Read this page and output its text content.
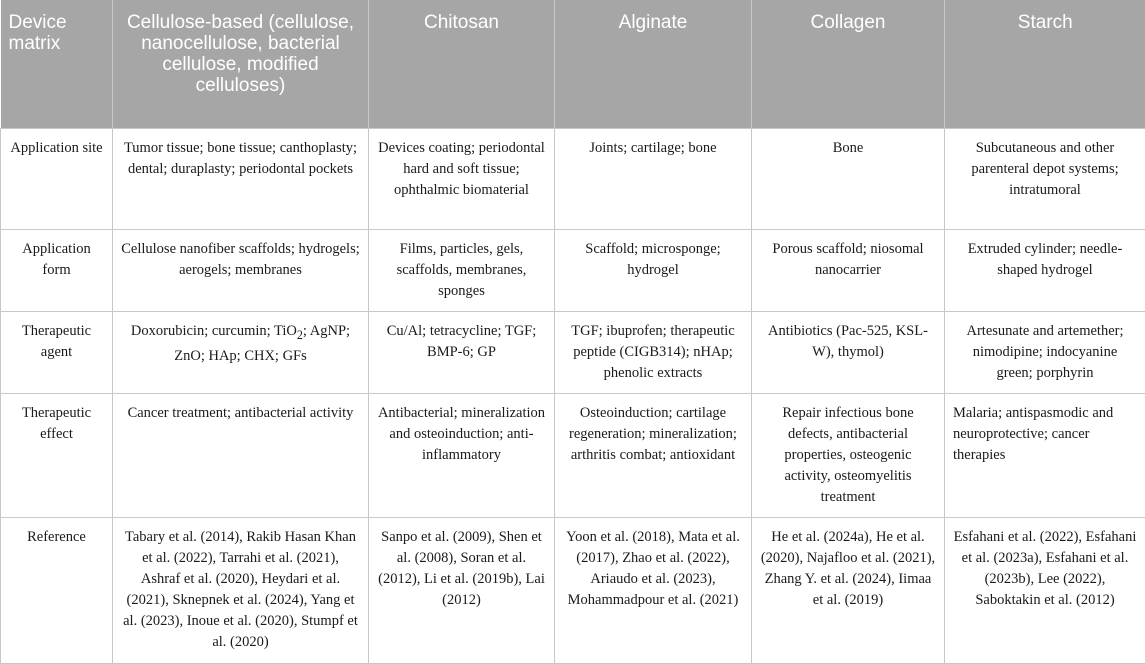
Device matrix	Cellulose-based (cellulose, nanocellulose, bacterial cellulose, modified celluloses)	Chitosan	Alginate	Collagen	Starch
Application site	Tumor tissue; bone tissue; canthoplasty; dental; duraplasty; periodontal pockets	Devices coating; periodontal hard and soft tissue; ophthalmic biomaterial	Joints; cartilage; bone	Bone	Subcutaneous and other parenteral depot systems; intratumoral
Application form	Cellulose nanofiber scaffolds; hydrogels; aerogels; membranes	Films, particles, gels, scaffolds, membranes, sponges	Scaffold; microsponge; hydrogel	Porous scaffold; niosomal nanocarrier	Extruded cylinder; needle-shaped hydrogel
Therapeutic agent	Doxorubicin; curcumin; TiO$_2$; AgNP; ZnO; HAp; CHX; GFs	Cu/Al; tetracycline; TGF; BMP-6; GP	TGF; ibuprofen; therapeutic peptide (CIGB314); nHAp; phenolic extracts	Antibiotics (Pac-525, KSL-W), thymol)	Artesunate and artemether; nimodipine; indocyanine green; porphyrin
Therapeutic effect	Cancer treatment; antibacterial activity	Antibacterial; mineralization and osteoinduction; anti-inflammatory	Osteoinduction; cartilage regeneration; mineralization; arthritis combat; antioxidant	Repair infectious bone defects, antibacterial properties, osteogenic activity, osteomyelitis treatment	Malaria; antispasmodic and neuroprotective; cancer therapies
Reference	Tabary et al. (2014), Rakib Hasan Khan et al. (2022), Tarrahi et al. (2021), Ashraf et al. (2020), Heydari et al. (2021), Sknepnek et al. (2024), Yang et al. (2023), Inoue et al. (2020), Stumpf et al. (2020)	Sanpo et al. (2009), Shen et al. (2008), Soran et al. (2012), Li et al. (2019b), Lai (2012)	Yoon et al. (2018), Mata et al. (2017), Zhao et al. (2022), Ariaudo et al. (2023), Mohammadpour et al. (2021)	He et al. (2024a), He et al. (2020), Najafloo et al. (2021), Zhang Y. et al. (2024), Iimaa et al. (2019)	Esfahani et al. (2022), Esfahani et al. (2023a), Esfahani et al. (2023b), Lee (2022), Saboktakin et al. (2012)
